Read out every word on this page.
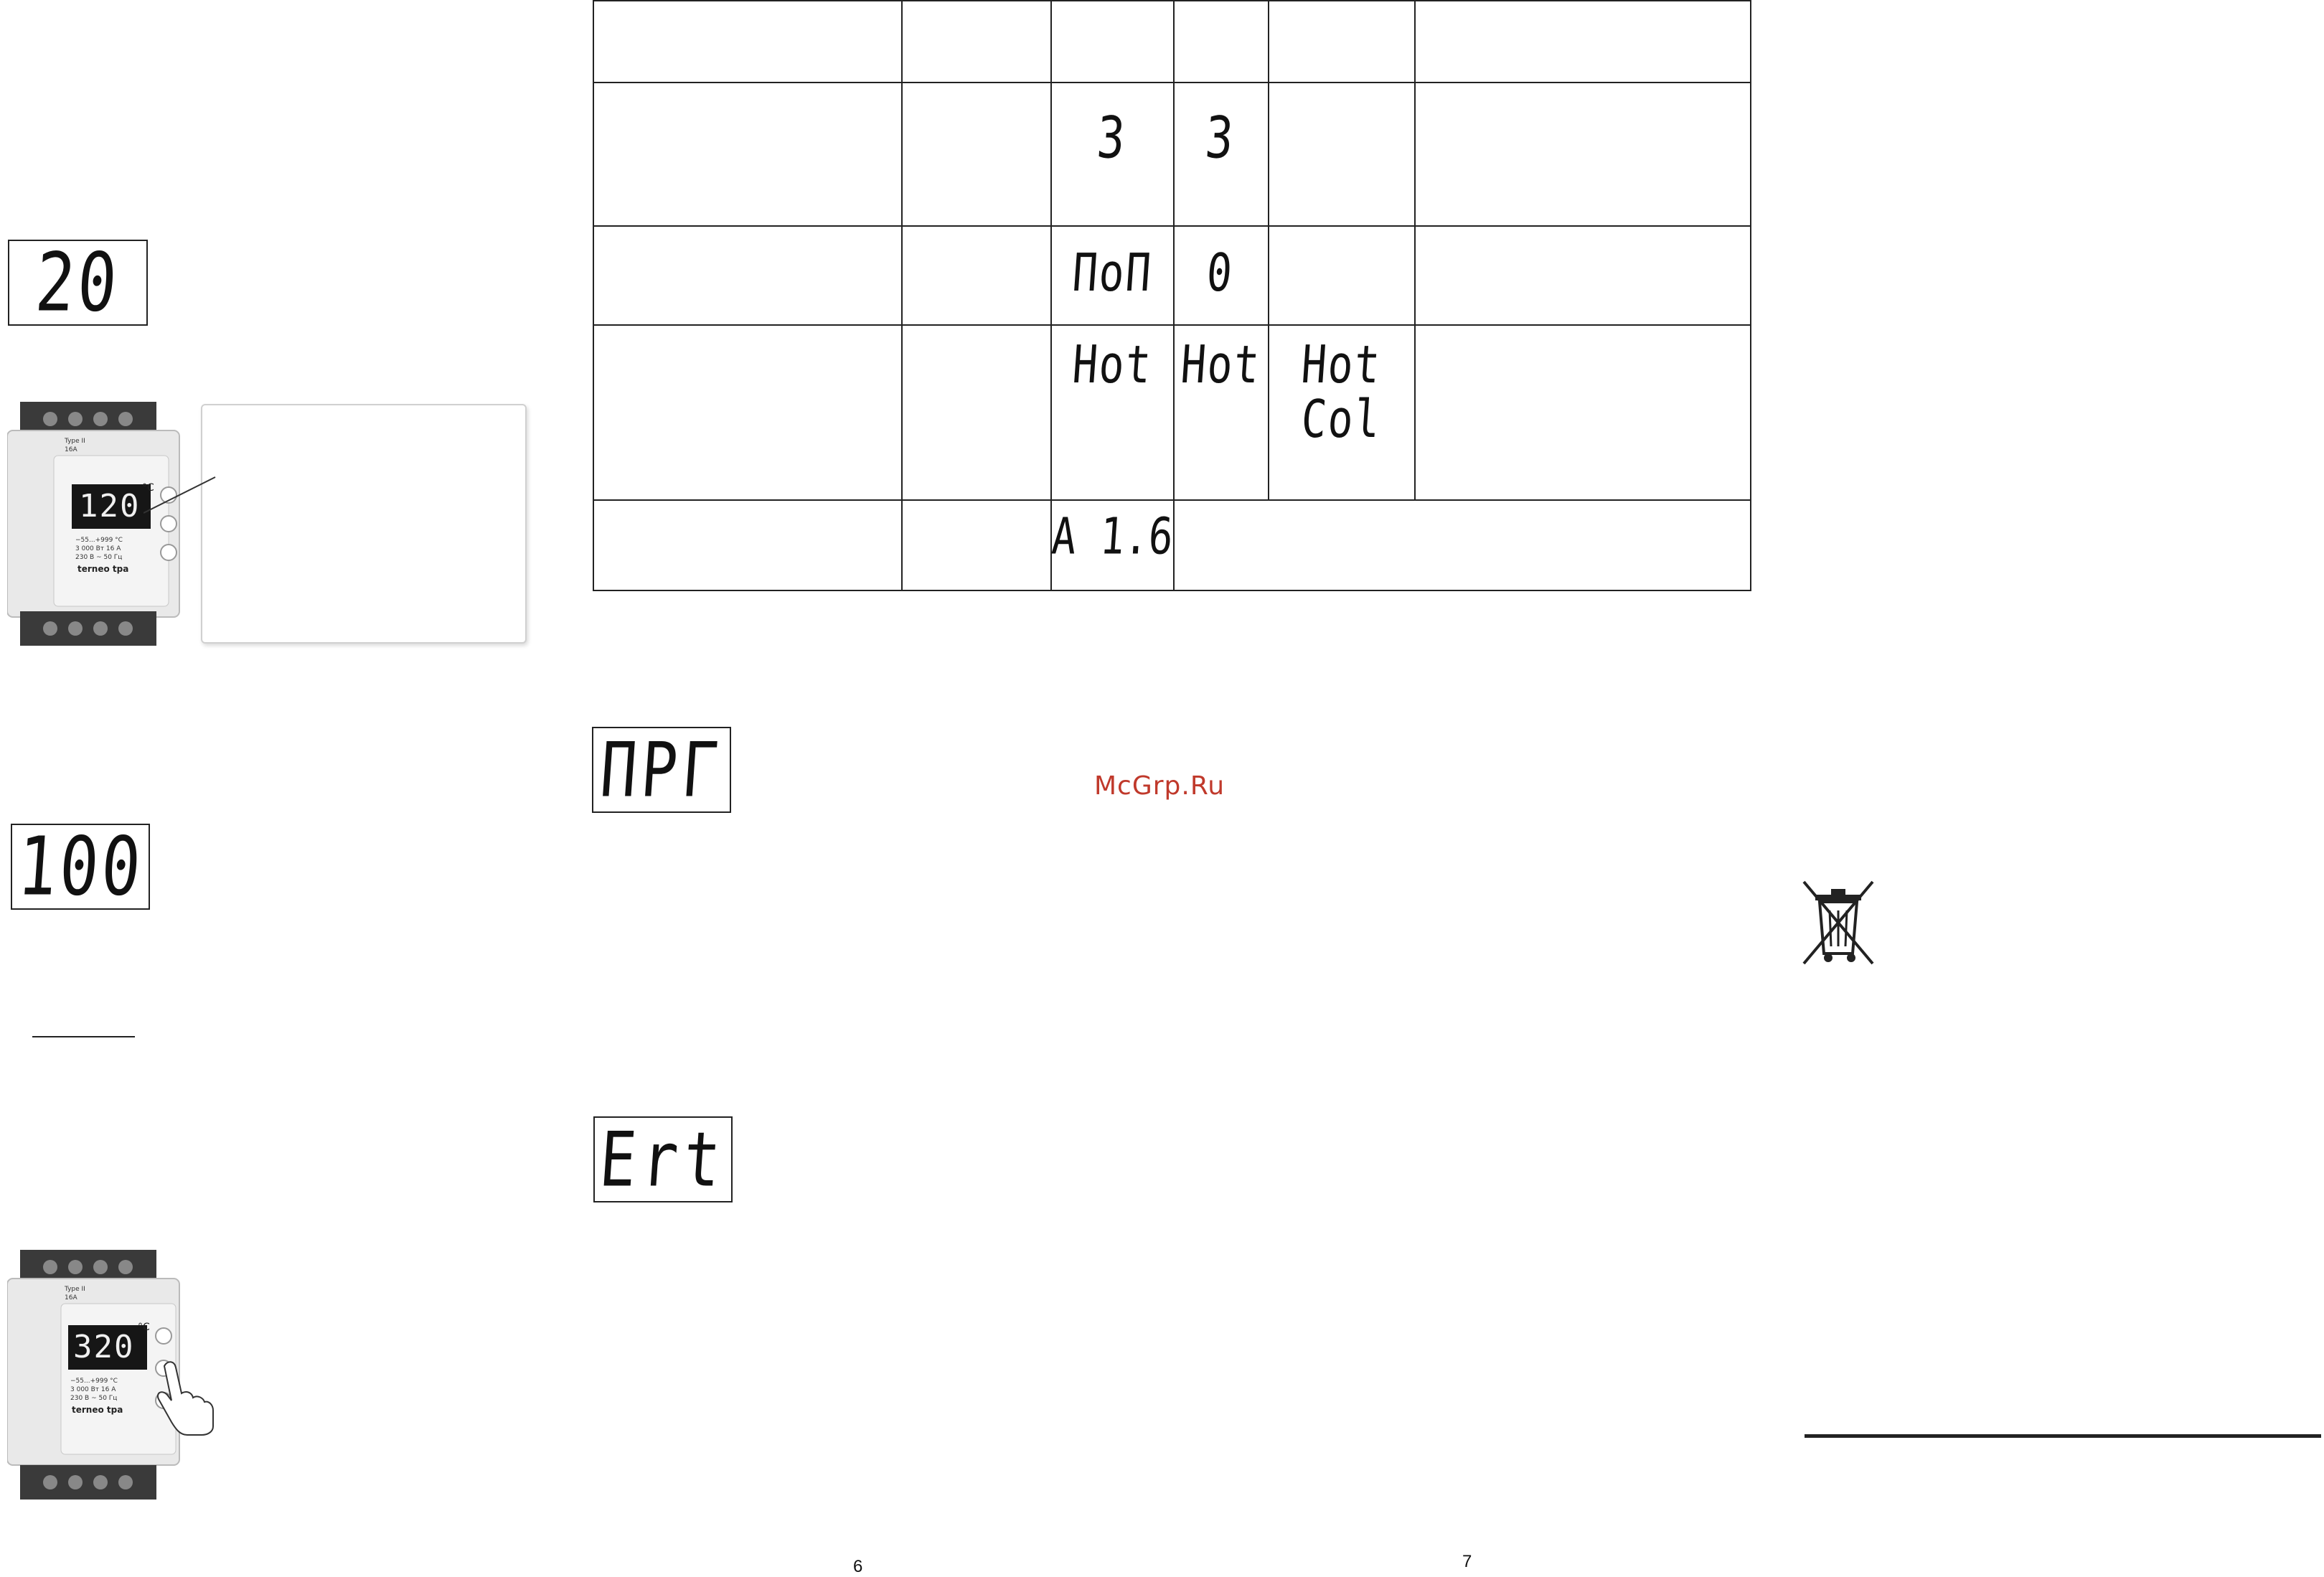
20
120 °C
Type II
16A
−55...+999 °C
3 000 Вт 16 А
230 В ~ 50 Гц
terneo tpa
100
320
°C
Type II
16A
−55...+999 °C
3 000 Вт 16 А
230 В ~ 50 Гц
terneo tpa

		3	3		

		ПоП	0		

		Hot	Hot	Hot
Col	

		A 1.6			

ПРГ	McGrp.Ru
Ert
6	7
